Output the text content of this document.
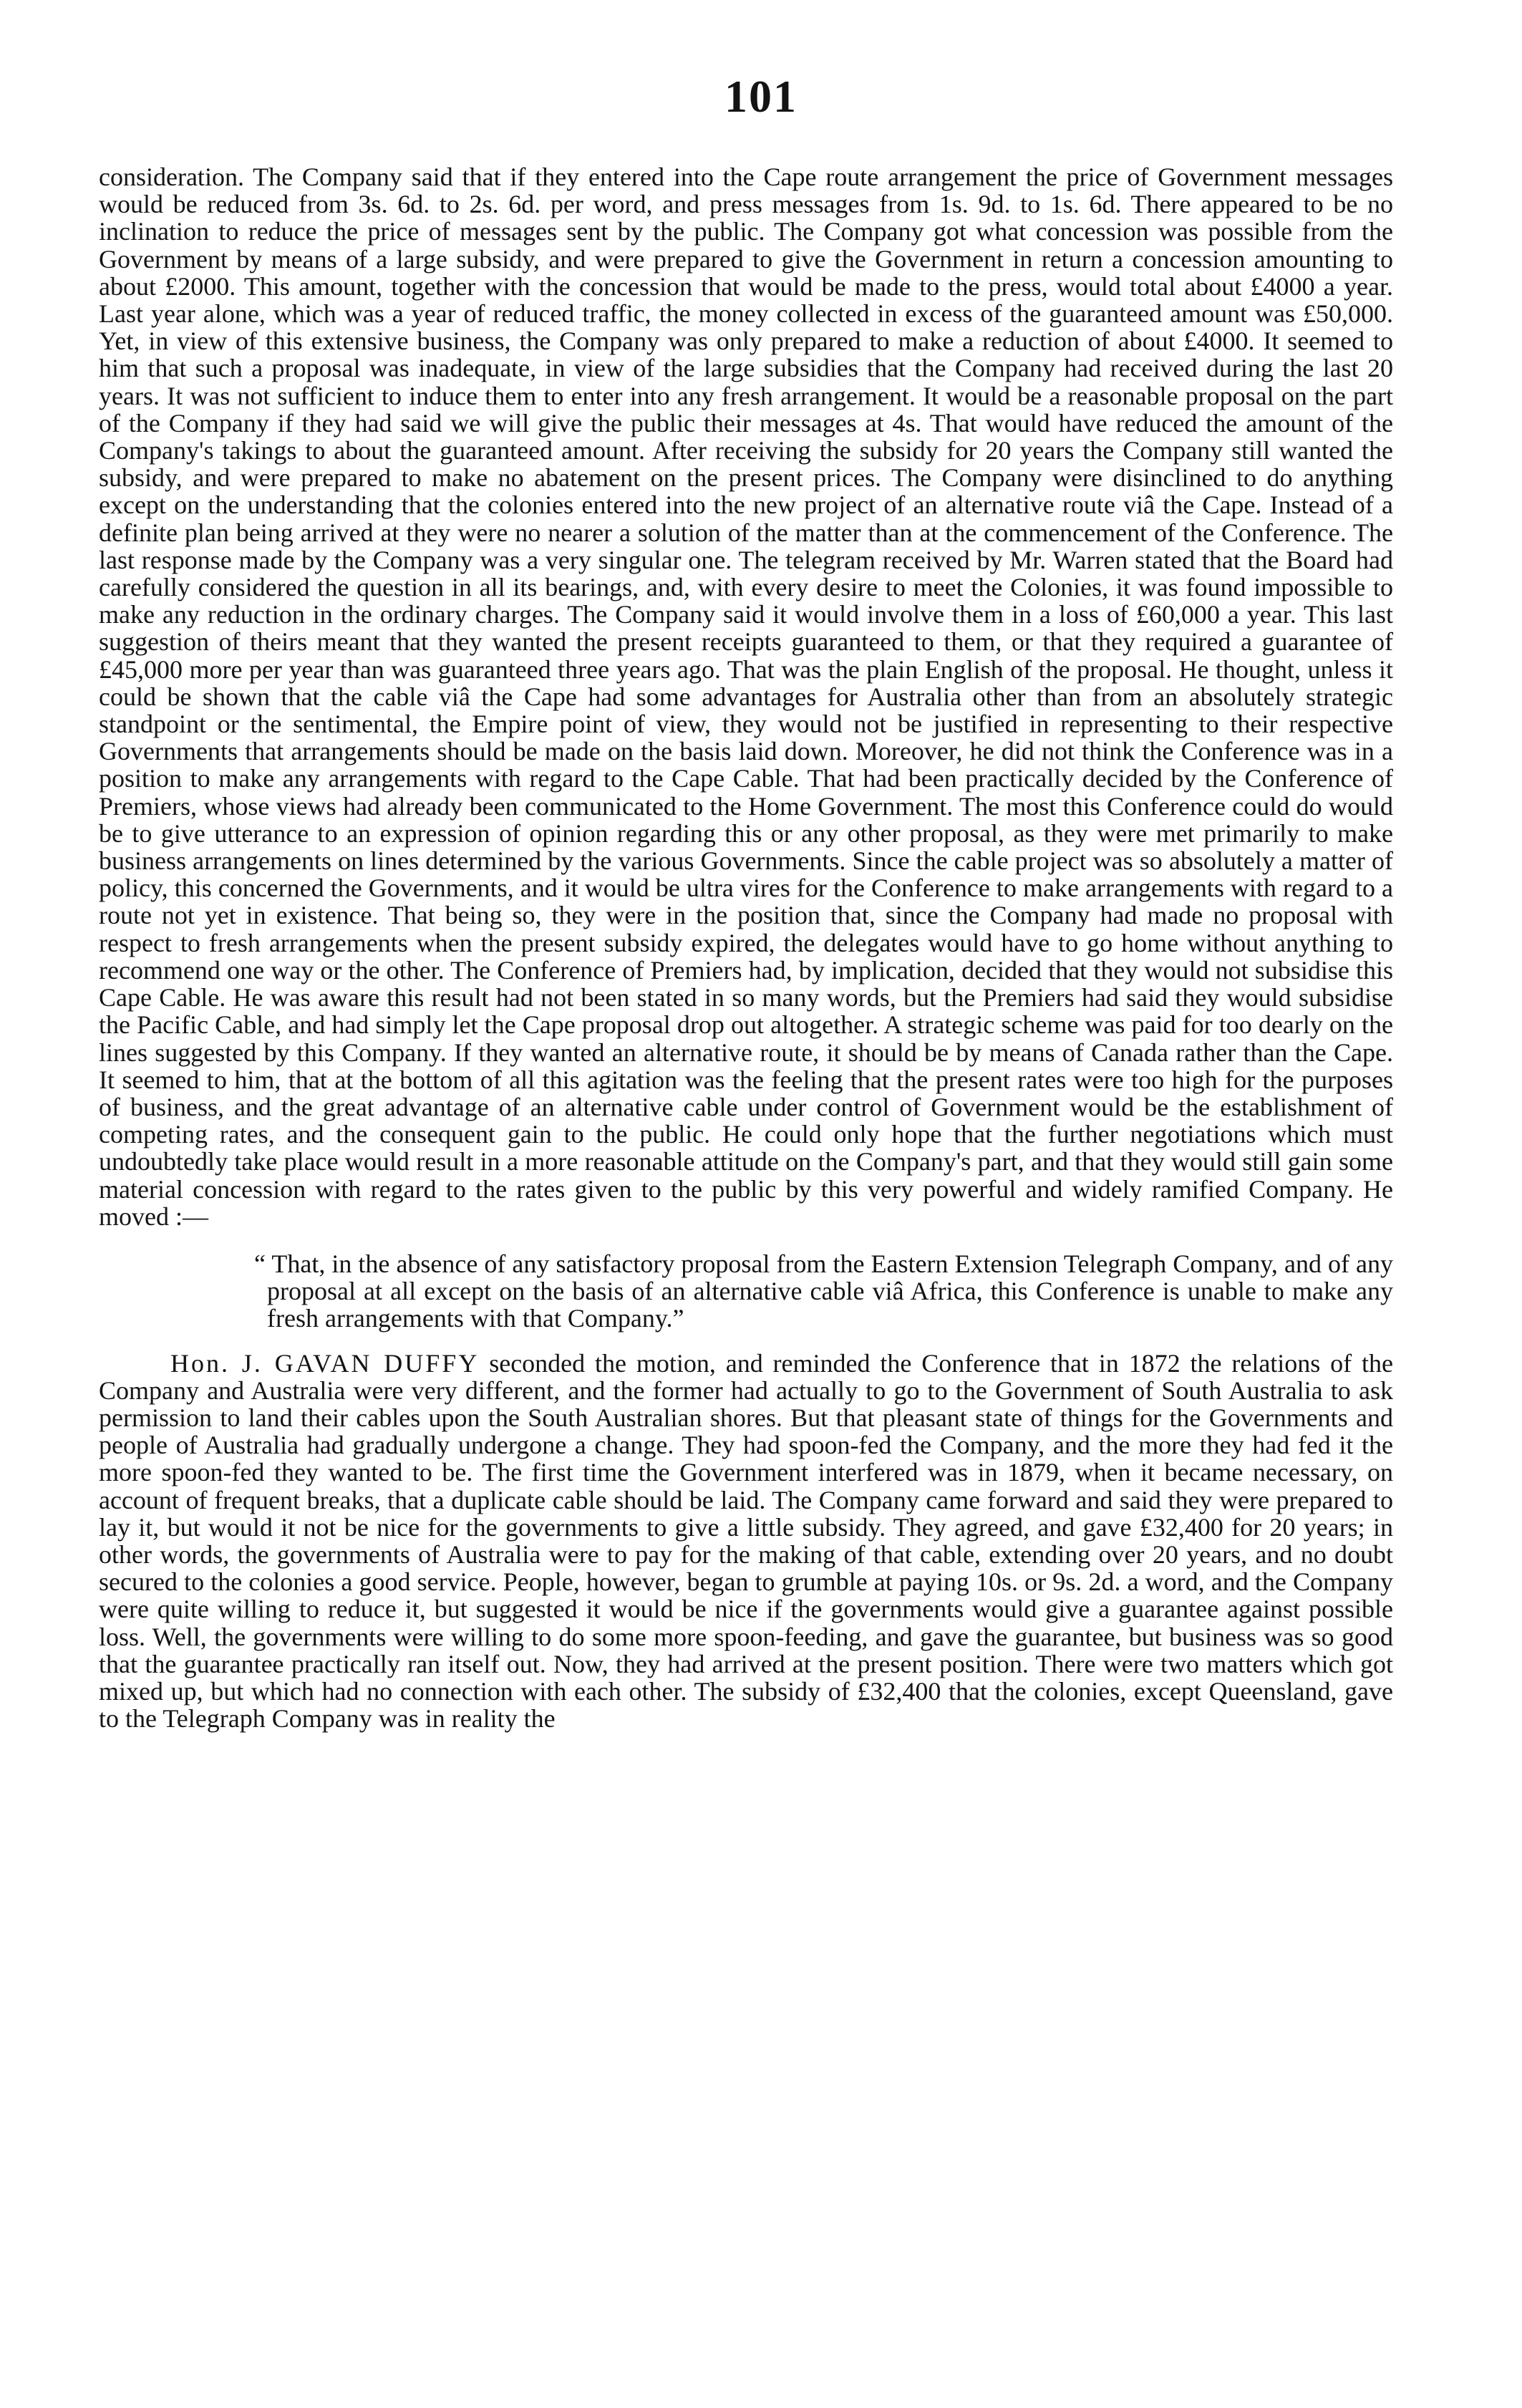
101

consideration. The Company said that if they entered into the Cape route arrangement the price of Government messages would be reduced from 3s. 6d. to 2s. 6d. per word, and press messages from 1s. 9d. to 1s. 6d. There appeared to be no inclination to reduce the price of messages sent by the public. The Company got what concession was possible from the Government by means of a large subsidy, and were prepared to give the Government in return a concession amounting to about £2000. This amount, together with the concession that would be made to the press, would total about £4000 a year. Last year alone, which was a year of reduced traffic, the money collected in excess of the guaranteed amount was £50,000. Yet, in view of this extensive business, the Company was only prepared to make a reduction of about £4000. It seemed to him that such a proposal was inadequate, in view of the large subsidies that the Company had received during the last 20 years. It was not sufficient to induce them to enter into any fresh arrangement. It would be a reasonable proposal on the part of the Company if they had said we will give the public their messages at 4s. That would have reduced the amount of the Company's takings to about the guaranteed amount. After receiving the subsidy for 20 years the Company still wanted the subsidy, and were prepared to make no abatement on the present prices. The Company were disinclined to do anything except on the understanding that the colonies entered into the new project of an alternative route viâ the Cape. Instead of a definite plan being arrived at they were no nearer a solution of the matter than at the commencement of the Conference. The last response made by the Company was a very singular one. The telegram received by Mr. Warren stated that the Board had carefully considered the question in all its bearings, and, with every desire to meet the Colonies, it was found impossible to make any reduction in the ordinary charges. The Company said it would involve them in a loss of £60,000 a year. This last suggestion of theirs meant that they wanted the present receipts guaranteed to them, or that they required a guarantee of £45,000 more per year than was guaranteed three years ago. That was the plain English of the proposal. He thought, unless it could be shown that the cable viâ the Cape had some advantages for Australia other than from an absolutely strategic standpoint or the sentimental, the Empire point of view, they would not be justified in representing to their respective Governments that arrangements should be made on the basis laid down. Moreover, he did not think the Conference was in a position to make any arrangements with regard to the Cape Cable. That had been practically decided by the Conference of Premiers, whose views had already been communicated to the Home Government. The most this Conference could do would be to give utterance to an expression of opinion regarding this or any other proposal, as they were met primarily to make business arrangements on lines determined by the various Governments. Since the cable project was so absolutely a matter of policy, this concerned the Governments, and it would be ultra vires for the Conference to make arrangements with regard to a route not yet in existence. That being so, they were in the position that, since the Company had made no proposal with respect to fresh arrangements when the present subsidy expired, the delegates would have to go home without anything to recommend one way or the other. The Conference of Premiers had, by implication, decided that they would not subsidise this Cape Cable. He was aware this result had not been stated in so many words, but the Premiers had said they would subsidise the Pacific Cable, and had simply let the Cape proposal drop out altogether. A strategic scheme was paid for too dearly on the lines suggested by this Company. If they wanted an alternative route, it should be by means of Canada rather than the Cape. It seemed to him, that at the bottom of all this agitation was the feeling that the present rates were too high for the purposes of business, and the great advantage of an alternative cable under control of Government would be the establishment of competing rates, and the consequent gain to the public. He could only hope that the further negotiations which must undoubtedly take place would result in a more reasonable attitude on the Company's part, and that they would still gain some material concession with regard to the rates given to the public by this very powerful and widely ramified Company. He moved :—

“ That, in the absence of any satisfactory proposal from the Eastern Extension Telegraph Company, and of any proposal at all except on the basis of an alternative cable viâ Africa, this Conference is unable to make any fresh arrangements with that Company.”

Hon. J. GAVAN DUFFY seconded the motion, and reminded the Conference that in 1872 the relations of the Company and Australia were very different, and the former had actually to go to the Government of South Australia to ask permission to land their cables upon the South Australian shores. But that pleasant state of things for the Governments and people of Australia had gradually undergone a change. They had spoon-fed the Company, and the more they had fed it the more spoon-fed they wanted to be. The first time the Government interfered was in 1879, when it became necessary, on account of frequent breaks, that a duplicate cable should be laid. The Company came forward and said they were prepared to lay it, but would it not be nice for the governments to give a little subsidy. They agreed, and gave £32,400 for 20 years; in other words, the governments of Australia were to pay for the making of that cable, extending over 20 years, and no doubt secured to the colonies a good service. People, however, began to grumble at paying 10s. or 9s. 2d. a word, and the Company were quite willing to reduce it, but suggested it would be nice if the governments would give a guarantee against possible loss. Well, the governments were willing to do some more spoon-feeding, and gave the guarantee, but business was so good that the guarantee practically ran itself out. Now, they had arrived at the present position. There were two matters which got mixed up, but which had no connection with each other. The subsidy of £32,400 that the colonies, except Queensland, gave to the Telegraph Company was in reality the
